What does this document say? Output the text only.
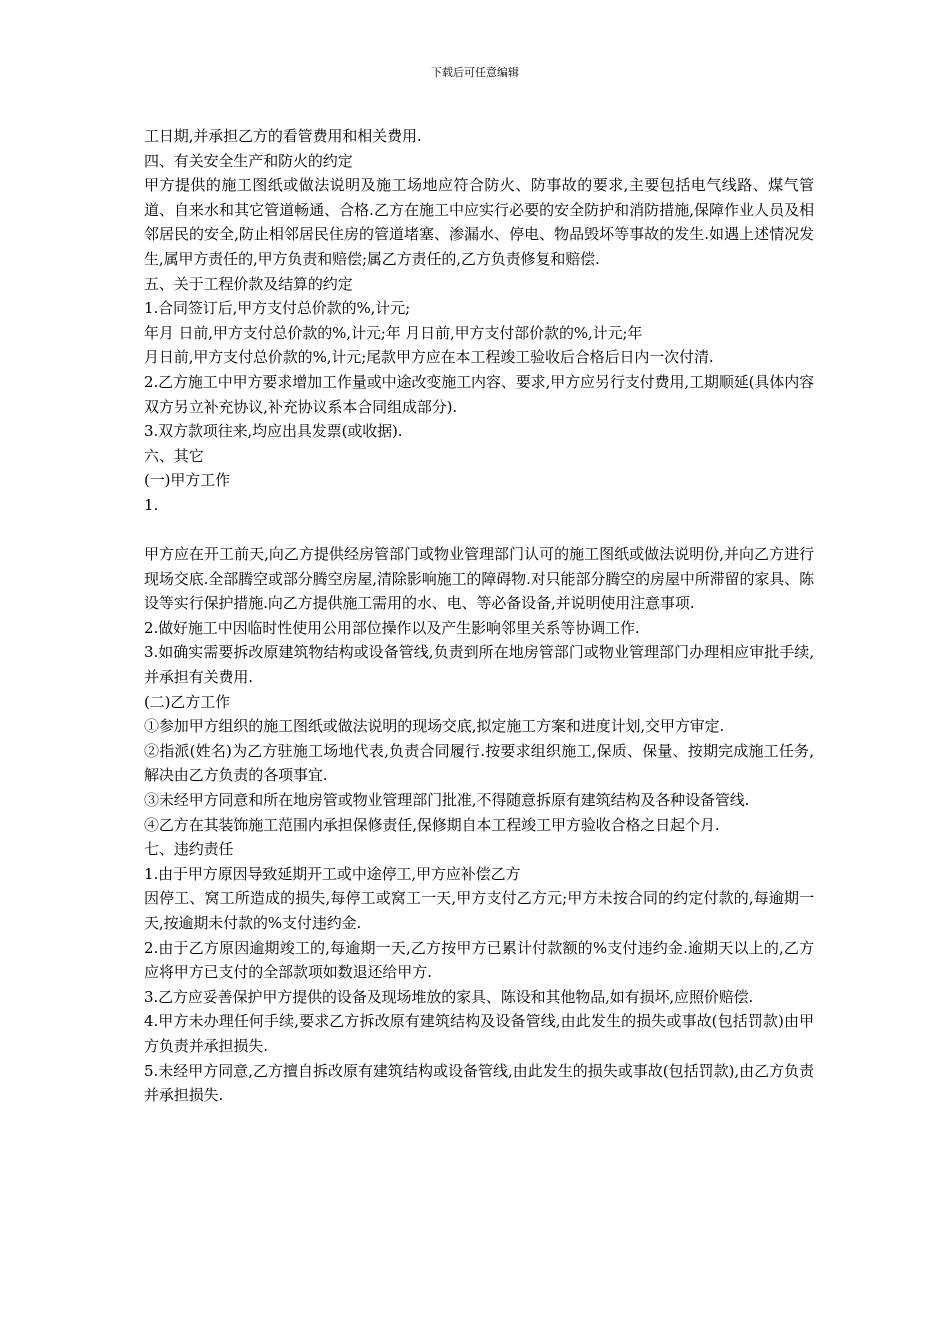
下载后可任意编辑

工日期,并承担乙方的看管费用和相关费用.

四、有关安全生产和防火的约定

甲方提供的施工图纸或做法说明及施工场地应符合防火、防事故的要求,主要包括电气线路、煤气管道、自来水和其它管道畅通、合格.乙方在施工中应实行必要的安全防护和消防措施,保障作业人员及相邻居民的安全,防止相邻居民住房的管道堵塞、渗漏水、停电、物品毁坏等事故的发生.如遇上述情况发生,属甲方责任的,甲方负责和赔偿;属乙方责任的,乙方负责修复和赔偿.

五、关于工程价款及结算的约定

1.合同签订后,甲方支付总价款的%,计元;

年月 日前,甲方支付总价款的%,计元;年 月日前,甲方支付部价款的%,计元;年

月日前,甲方支付总价款的%,计元;尾款甲方应在本工程竣工验收后合格后日内一次付清.

2.乙方施工中甲方要求增加工作量或中途改变施工内容、要求,甲方应另行支付费用,工期顺延(具体内容双方另立补充协议,补充协议系本合同组成部分).

3.双方款项往来,均应出具发票(或收据).

六、其它

(一)甲方工作

1.

甲方应在开工前天,向乙方提供经房管部门或物业管理部门认可的施工图纸或做法说明份,并向乙方进行现场交底.全部腾空或部分腾空房屋,清除影响施工的障碍物.对只能部分腾空的房屋中所滞留的家具、陈设等实行保护措施.向乙方提供施工需用的水、电、等必备设备,并说明使用注意事项.

2.做好施工中因临时性使用公用部位操作以及产生影响邻里关系等协调工作.

3.如确实需要拆改原建筑物结构或设备管线,负责到所在地房管部门或物业管理部门办理相应审批手续,并承担有关费用.

(二)乙方工作

①参加甲方组织的施工图纸或做法说明的现场交底,拟定施工方案和进度计划,交甲方审定.

②指派(姓名)为乙方驻施工场地代表,负责合同履行.按要求组织施工,保质、保量、按期完成施工任务,解决由乙方负责的各项事宜.

③未经甲方同意和所在地房管或物业管理部门批准,不得随意拆原有建筑结构及各种设备管线.

④乙方在其装饰施工范围内承担保修责任,保修期自本工程竣工甲方验收合格之日起个月.

七、违约责任

1.由于甲方原因导致延期开工或中途停工,甲方应补偿乙方

因停工、窝工所造成的损失,每停工或窝工一天,甲方支付乙方元;甲方未按合同的约定付款的,每逾期一天,按逾期未付款的%支付违约金.

2.由于乙方原因逾期竣工的,每逾期一天,乙方按甲方已累计付款额的%支付违约金.逾期天以上的,乙方应将甲方已支付的全部款项如数退还给甲方.

3.乙方应妥善保护甲方提供的设备及现场堆放的家具、陈设和其他物品,如有损坏,应照价赔偿.

4.甲方未办理任何手续,要求乙方拆改原有建筑结构及设备管线,由此发生的损失或事故(包括罚款)由甲方负责并承担损失.

5.未经甲方同意,乙方擅自拆改原有建筑结构或设备管线,由此发生的损失或事故(包括罚款),由乙方负责并承担损失.
